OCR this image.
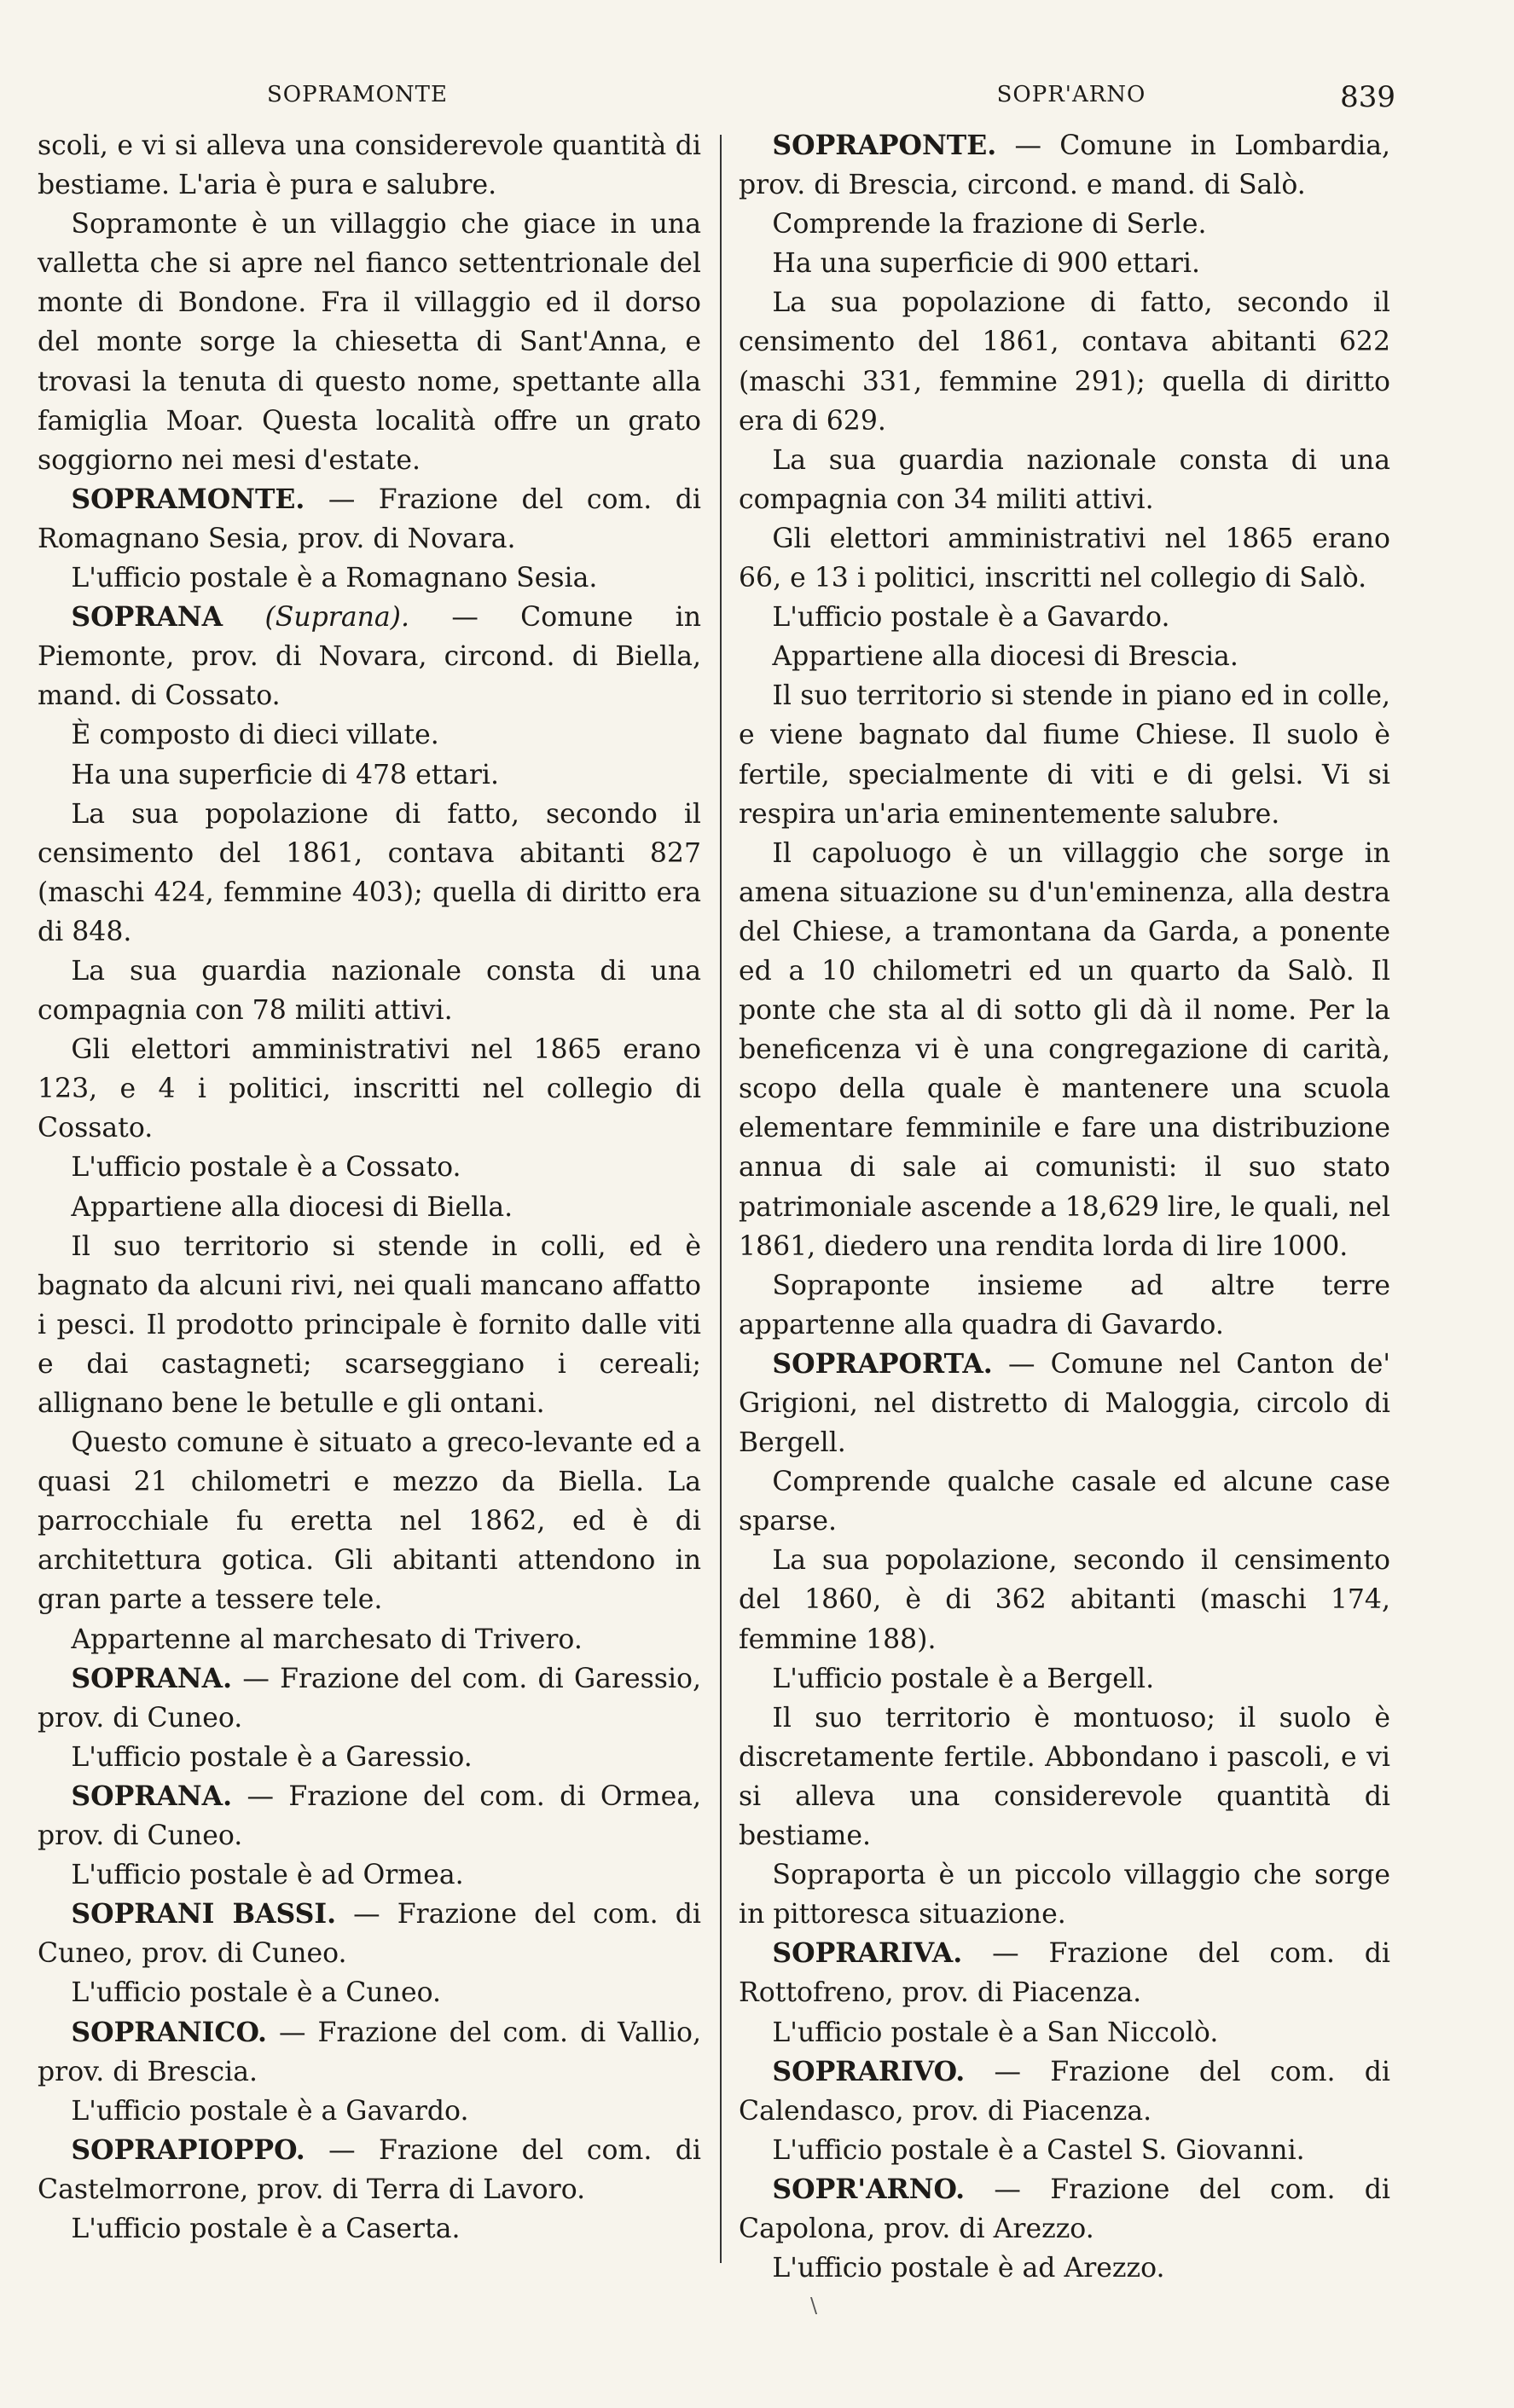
SOPRAMONTE	SOPR'ARNO	839

scoli, e vi si alleva una considerevole quantità di bestiame. L'aria è pura e salubre.

Sopramonte è un villaggio che giace in una valletta che si apre nel fianco settentrionale del monte di Bondone. Fra il villaggio ed il dorso del monte sorge la chiesetta di Sant'Anna, e trovasi la tenuta di questo nome, spettante alla famiglia Moar. Questa località offre un grato soggiorno nei mesi d'estate.

SOPRAMONTE. — Frazione del com. di Romagnano Sesia, prov. di Novara.

L'ufficio postale è a Romagnano Sesia.

SOPRANA (Suprana). — Comune in Piemonte, prov. di Novara, circond. di Biella, mand. di Cossato.

È composto di dieci villate.

Ha una superficie di 478 ettari.

La sua popolazione di fatto, secondo il censimento del 1861, contava abitanti 827 (maschi 424, femmine 403); quella di diritto era di 848.

La sua guardia nazionale consta di una compagnia con 78 militi attivi.

Gli elettori amministrativi nel 1865 erano 123, e 4 i politici, inscritti nel collegio di Cossato.

L'ufficio postale è a Cossato.

Appartiene alla diocesi di Biella.

Il suo territorio si stende in colli, ed è bagnato da alcuni rivi, nei quali mancano affatto i pesci. Il prodotto principale è fornito dalle viti e dai castagneti; scarseggiano i cereali; allignano bene le betulle e gli ontani.

Questo comune è situato a greco-levante ed a quasi 21 chilometri e mezzo da Biella. La parrocchiale fu eretta nel 1862, ed è di architettura gotica. Gli abitanti attendono in gran parte a tessere tele.

Appartenne al marchesato di Trivero.

SOPRANA. — Frazione del com. di Garessio, prov. di Cuneo.

L'ufficio postale è a Garessio.

SOPRANA. — Frazione del com. di Ormea, prov. di Cuneo.

L'ufficio postale è ad Ormea.

SOPRANI BASSI. — Frazione del com. di Cuneo, prov. di Cuneo.

L'ufficio postale è a Cuneo.

SOPRANICO. — Frazione del com. di Vallio, prov. di Brescia.

L'ufficio postale è a Gavardo.

SOPRAPIOPPO. — Frazione del com. di Castelmorrone, prov. di Terra di Lavoro.

L'ufficio postale è a Caserta.

SOPRAPONTE. — Comune in Lombardia, prov. di Brescia, circond. e mand. di Salò.

Comprende la frazione di Serle.

Ha una superficie di 900 ettari.

La sua popolazione di fatto, secondo il censimento del 1861, contava abitanti 622 (maschi 331, femmine 291); quella di diritto era di 629.

La sua guardia nazionale consta di una compagnia con 34 militi attivi.

Gli elettori amministrativi nel 1865 erano 66, e 13 i politici, inscritti nel collegio di Salò.

L'ufficio postale è a Gavardo.

Appartiene alla diocesi di Brescia.

Il suo territorio si stende in piano ed in colle, e viene bagnato dal fiume Chiese. Il suolo è fertile, specialmente di viti e di gelsi. Vi si respira un'aria eminentemente salubre.

Il capoluogo è un villaggio che sorge in amena situazione su d'un'eminenza, alla destra del Chiese, a tramontana da Garda, a ponente ed a 10 chilometri ed un quarto da Salò. Il ponte che sta al di sotto gli dà il nome. Per la beneficenza vi è una congregazione di carità, scopo della quale è mantenere una scuola elementare femminile e fare una distribuzione annua di sale ai comunisti: il suo stato patrimoniale ascende a 18,629 lire, le quali, nel 1861, diedero una rendita lorda di lire 1000.

Sopraponte insieme ad altre terre appartenne alla quadra di Gavardo.

SOPRAPORTA. — Comune nel Canton de' Grigioni, nel distretto di Maloggia, circolo di Bergell.

Comprende qualche casale ed alcune case sparse.

La sua popolazione, secondo il censimento del 1860, è di 362 abitanti (maschi 174, femmine 188).

L'ufficio postale è a Bergell.

Il suo territorio è montuoso; il suolo è discretamente fertile. Abbondano i pascoli, e vi si alleva una considerevole quantità di bestiame.

Sopraporta è un piccolo villaggio che sorge in pittoresca situazione.

SOPRARIVA. — Frazione del com. di Rottofreno, prov. di Piacenza.

L'ufficio postale è a San Niccolò.

SOPRARIVO. — Frazione del com. di Calendasco, prov. di Piacenza.

L'ufficio postale è a Castel S. Giovanni.

SOPR'ARNO. — Frazione del com. di Capolona, prov. di Arezzo.

L'ufficio postale è ad Arezzo.

\
